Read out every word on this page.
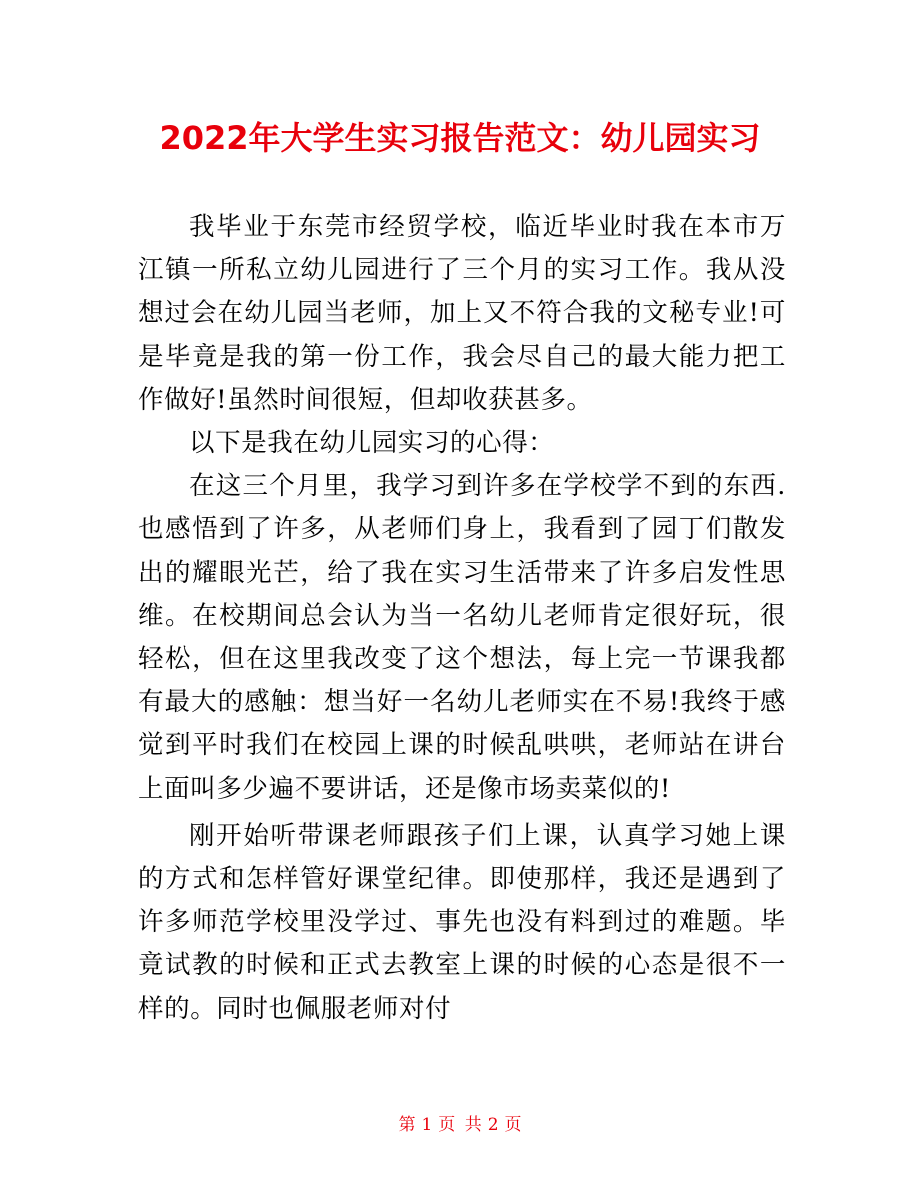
2022年大学生实习报告范文：幼儿园实习

我毕业于东莞市经贸学校，临近毕业时我在本市万江镇一所私立幼儿园进行了三个月的实习工作。我从没想过会在幼儿园当老师，加上又不符合我的文秘专业!可是毕竟是我的第一份工作，我会尽自己的最大能力把工作做好!虽然时间很短，但却收获甚多。

以下是我在幼儿园实习的心得：

在这三个月里，我学习到许多在学校学不到的东西.也感悟到了许多，从老师们身上，我看到了园丁们散发出的耀眼光芒，给了我在实习生活带来了许多启发性思维。在校期间总会认为当一名幼儿老师肯定很好玩，很轻松，但在这里我改变了这个想法，每上完一节课我都有最大的感触：想当好一名幼儿老师实在不易!我终于感觉到平时我们在校园上课的时候乱哄哄，老师站在讲台上面叫多少遍不要讲话，还是像市场卖菜似的!

刚开始听带课老师跟孩子们上课，认真学习她上课的方式和怎样管好课堂纪律。即使那样，我还是遇到了许多师范学校里没学过、事先也没有料到过的难题。毕竟试教的时候和正式去教室上课的时候的心态是很不一样的。同时也佩服老师对付

第 1 页 共 2 页
